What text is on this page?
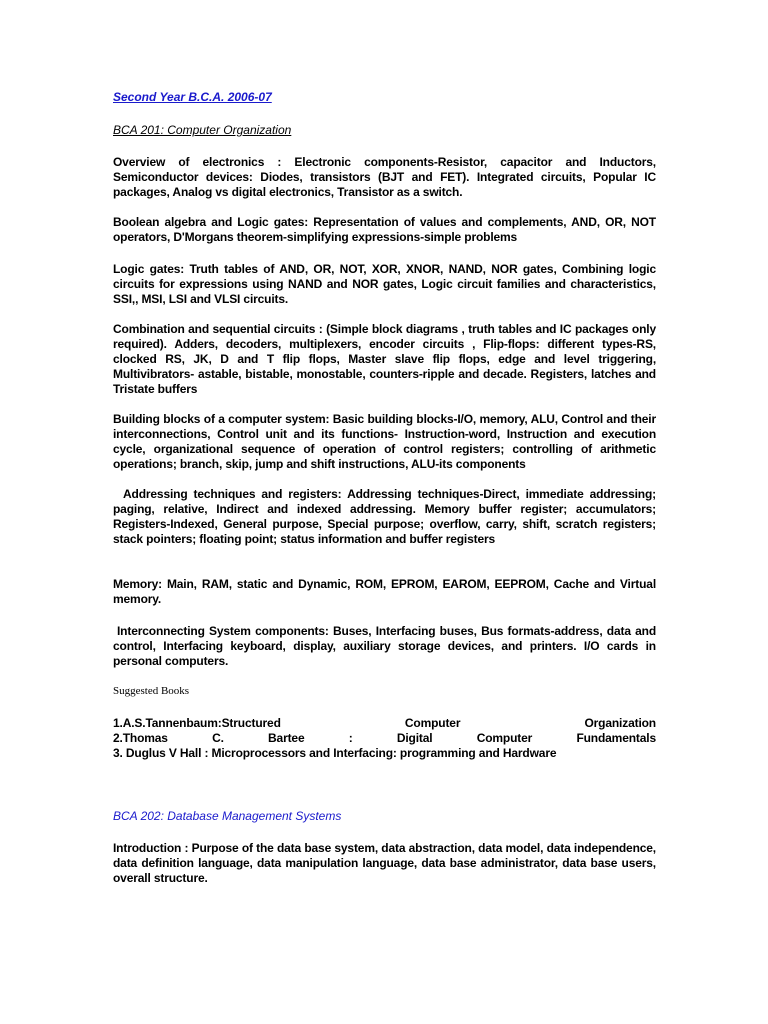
Second Year B.C.A. 2006-07
BCA 201: Computer Organization
Overview of electronics : Electronic components-Resistor, capacitor and Inductors, Semiconductor devices: Diodes, transistors (BJT and FET). Integrated circuits, Popular IC packages, Analog vs digital electronics, Transistor as a switch.
Boolean algebra and Logic gates: Representation of values and complements, AND, OR, NOT operators, D'Morgans theorem-simplifying expressions-simple problems
Logic gates: Truth tables of AND, OR, NOT, XOR, XNOR, NAND, NOR gates, Combining logic circuits for expressions using NAND and NOR gates, Logic circuit families and characteristics, SSI,, MSI, LSI and VLSI circuits.
Combination and sequential circuits : (Simple block diagrams , truth tables and IC packages only required). Adders, decoders, multiplexers, encoder circuits , Flip-flops: different types-RS, clocked RS, JK, D and T flip flops, Master slave flip flops, edge and level triggering, Multivibrators- astable, bistable, monostable, counters-ripple and decade. Registers, latches and Tristate buffers
Building blocks of a computer system: Basic building blocks-I/O, memory, ALU, Control and their interconnections, Control unit and its functions- Instruction-word, Instruction and execution cycle, organizational sequence of operation of control registers; controlling of arithmetic operations; branch, skip, jump and shift instructions, ALU-its components
Addressing techniques and registers: Addressing techniques-Direct, immediate addressing; paging, relative, Indirect and indexed addressing. Memory buffer register; accumulators; Registers-Indexed, General purpose, Special purpose; overflow, carry, shift, scratch registers; stack pointers; floating point; status information and buffer registers
Memory: Main, RAM, static and Dynamic, ROM, EPROM, EAROM, EEPROM, Cache and Virtual memory.
Interconnecting System components: Buses, Interfacing buses, Bus formats-address, data and control, Interfacing keyboard, display, auxiliary storage devices, and printers. I/O cards in personal computers.
Suggested Books
1.A.S.Tannenbaum:Structured Computer Organization
2.Thomas C. Bartee : Digital Computer Fundamentals
3. Duglus V Hall : Microprocessors and Interfacing: programming and Hardware
BCA 202: Database Management Systems
Introduction : Purpose of the data base system, data abstraction, data model, data independence, data definition language, data manipulation language, data base administrator, data base users, overall structure.
